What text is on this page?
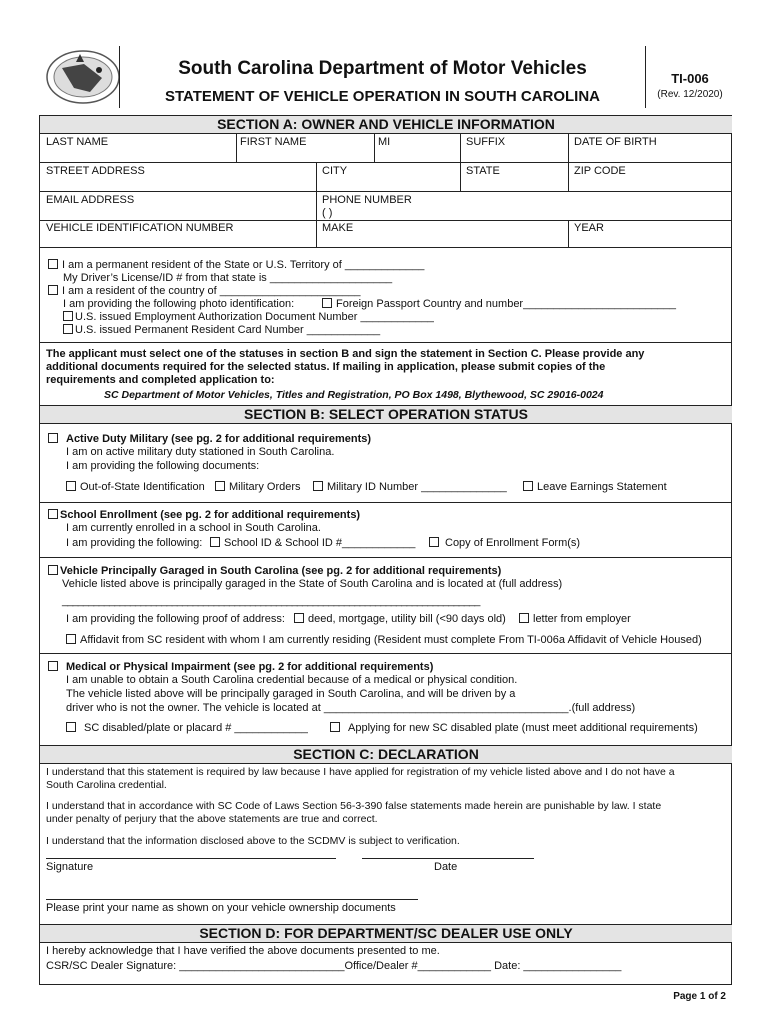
South Carolina Department of Motor Vehicles
STATEMENT OF VEHICLE OPERATION IN SOUTH CAROLINA
TI-006
(Rev. 12/2020)
SECTION A: OWNER AND VEHICLE INFORMATION
LAST NAME	FIRST NAME	MI	SUFFIX	DATE OF BIRTH
STREET ADDRESS	CITY	STATE	ZIP CODE
EMAIL ADDRESS	PHONE NUMBER
( )
VEHICLE IDENTIFICATION NUMBER	MAKE	YEAR
I am a permanent resident of the State or U.S. Territory of _____________
My Driver’s License/ID # from that state is ____________________
I am a resident of the country of _______________________
I am providing the following photo identification:	Foreign Passport Country and number_________________________
U.S. issued Employment Authorization Document Number ____________
U.S. issued Permanent Resident Card Number ____________
The applicant must select one of the statuses in section B and sign the statement in Section C. Please provide any
additional documents required for the selected status. If mailing in application, please submit copies of the
requirements and completed application to:
SC Department of Motor Vehicles, Titles and Registration, PO Box 1498, Blythewood, SC 29016-0024
SECTION B: SELECT OPERATION STATUS
Active Duty Military (see pg. 2 for additional requirements)
I am on active military duty stationed in South Carolina.
I am providing the following documents:
Out-of-State Identification	Military Orders	Military ID Number ______________	Leave Earnings Statement
School Enrollment (see pg. 2 for additional requirements)
I am currently enrolled in a school in South Carolina.
I am providing the following:	School ID & School ID #____________	Copy of Enrollment Form(s)
Vehicle Principally Garaged in South Carolina (see pg. 2 for additional requirements)
Vehicle listed above is principally garaged in the State of South Carolina and is located at (full address)
________________________________________________________________________________
I am providing the following proof of address:	deed, mortgage, utility bill (<90 days old)	letter from employer
Affidavit from SC resident with whom I am currently residing (Resident must complete From TI-006a Affidavit of Vehicle Housed)
Medical or Physical Impairment (see pg. 2 for additional requirements)
I am unable to obtain a South Carolina credential because of a medical or physical condition.
The vehicle listed above will be principally garaged in South Carolina, and will be driven by a
driver who is not the owner. The vehicle is located at ________________________________________.(full address)
SC disabled/plate or placard # ____________	Applying for new SC disabled plate (must meet additional requirements)
SECTION C: DECLARATION
I understand that this statement is required by law because I have applied for registration of my vehicle listed above and I do not have a
South Carolina credential.
I understand that in accordance with SC Code of Laws Section 56-3-390 false statements made herein are punishable by law. I state
under penalty of perjury that the above statements are true and correct.
I understand that the information disclosed above to the SCDMV is subject to verification.
Signature	Date
Please print your name as shown on your vehicle ownership documents
SECTION D: FOR DEPARTMENT/SC DEALER USE ONLY
I hereby acknowledge that I have verified the above documents presented to me.
CSR/SC Dealer Signature: ___________________________Office/Dealer #____________ Date: ________________
Page 1 of 2
